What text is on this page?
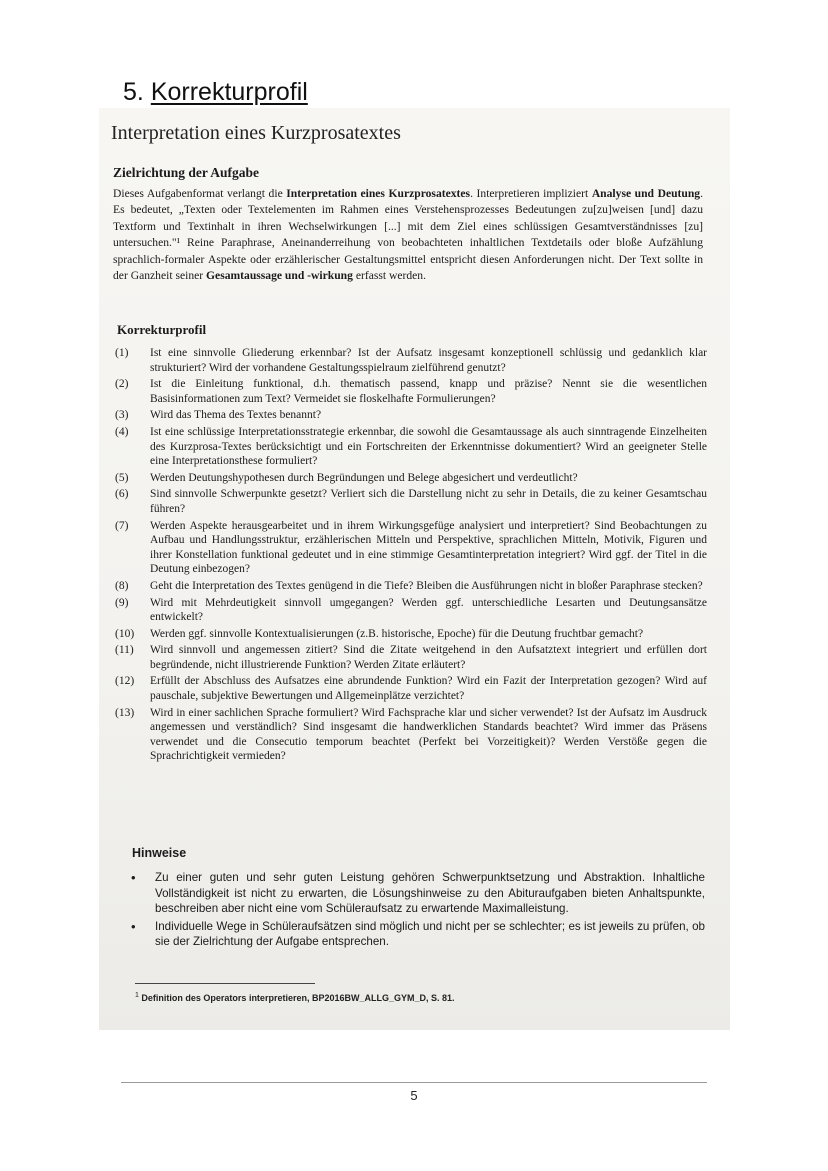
5. Korrekturprofil
Interpretation eines Kurzprosatextes
Zielrichtung der Aufgabe

Dieses Aufgabenformat verlangt die Interpretation eines Kurzprosatextes. Interpretieren impliziert Analyse und Deutung. Es bedeutet, „Texten oder Textelementen im Rahmen eines Verstehensprozesses Bedeutungen zu[zu]weisen [und] dazu Textform und Textinhalt in ihren Wechselwirkungen [...] mit dem Ziel eines schlüssigen Gesamtverständnisses [zu] untersuchen."¹ Reine Paraphrase, Aneinanderreihung von beobachteten inhaltlichen Textdetails oder bloße Aufzählung sprachlich-formaler Aspekte oder erzählerischer Gestaltungsmittel entspricht diesen Anforderungen nicht. Der Text sollte in der Ganzheit seiner Gesamtaussage und -wirkung erfasst werden.

Korrekturprofil
(1) Ist eine sinnvolle Gliederung erkennbar? Ist der Aufsatz insgesamt konzeptionell schlüssig und gedanklich klar strukturiert? Wird der vorhandene Gestaltungsspielraum zielführend genutzt?
(2) Ist die Einleitung funktional, d.h. thematisch passend, knapp und präzise? Nennt sie die wesentlichen Basisinformationen zum Text? Vermeidet sie floskelhafte Formulierungen?
(3) Wird das Thema des Textes benannt?
(4) Ist eine schlüssige Interpretationsstrategie erkennbar, die sowohl die Gesamtaussage als auch sinntragende Einzelheiten des Kurzprosa-Textes berücksichtigt und ein Fortschreiten der Erkenntnisse dokumentiert? Wird an geeigneter Stelle eine Interpretationsthese formuliert?
(5) Werden Deutungshypothesen durch Begründungen und Belege abgesichert und verdeutlicht?
(6) Sind sinnvolle Schwerpunkte gesetzt? Verliert sich die Darstellung nicht zu sehr in Details, die zu keiner Gesamtschau führen?
(7) Werden Aspekte herausgearbeitet und in ihrem Wirkungsgefüge analysiert und interpretiert? Sind Beobachtungen zu Aufbau und Handlungsstruktur, erzählerischen Mitteln und Perspektive, sprachlichen Mitteln, Motivik, Figuren und ihrer Konstellation funktional gedeutet und in eine stimmige Gesamtinterpretation integriert? Wird ggf. der Titel in die Deutung einbezogen?
(8) Geht die Interpretation des Textes genügend in die Tiefe? Bleiben die Ausführungen nicht in bloßer Paraphrase stecken?
(9) Wird mit Mehrdeutigkeit sinnvoll umgegangen? Werden ggf. unterschiedliche Lesarten und Deutungsansätze entwickelt?
(10) Werden ggf. sinnvolle Kontextualisierungen (z.B. historische, Epoche) für die Deutung fruchtbar gemacht?
(11) Wird sinnvoll und angemessen zitiert? Sind die Zitate weitgehend in den Aufsatztext integriert und erfüllen dort begründende, nicht illustrierende Funktion? Werden Zitate erläutert?
(12) Erfüllt der Abschluss des Aufsatzes eine abrundende Funktion? Wird ein Fazit der Interpretation gezogen? Wird auf pauschale, subjektive Bewertungen und Allgemeinplätze verzichtet?
(13) Wird in einer sachlichen Sprache formuliert? Wird Fachsprache klar und sicher verwendet? Ist der Aufsatz im Ausdruck angemessen und verständlich? Sind insgesamt die handwerklichen Standards beachtet? Wird immer das Präsens verwendet und die Consecutio temporum beachtet (Perfekt bei Vorzeitigkeit)? Werden Verstöße gegen die Sprachrichtigkeit vermieden?
Hinweise
• Zu einer guten und sehr guten Leistung gehören Schwerpunktsetzung und Abstraktion. Inhaltliche Vollständigkeit ist nicht zu erwarten, die Lösungshinweise zu den Abituraufgaben bieten Anhaltspunkte, beschreiben aber nicht eine vom Schüleraufsatz zu erwartende Maximalleistung.
• Individuelle Wege in Schüleraufsätzen sind möglich und nicht per se schlechter; es ist jeweils zu prüfen, ob sie der Zielrichtung der Aufgabe entsprechen.
$^1$ Definition des Operators interpretieren, BP2016BW_ALLG_GYM_D, S. 81.
5
